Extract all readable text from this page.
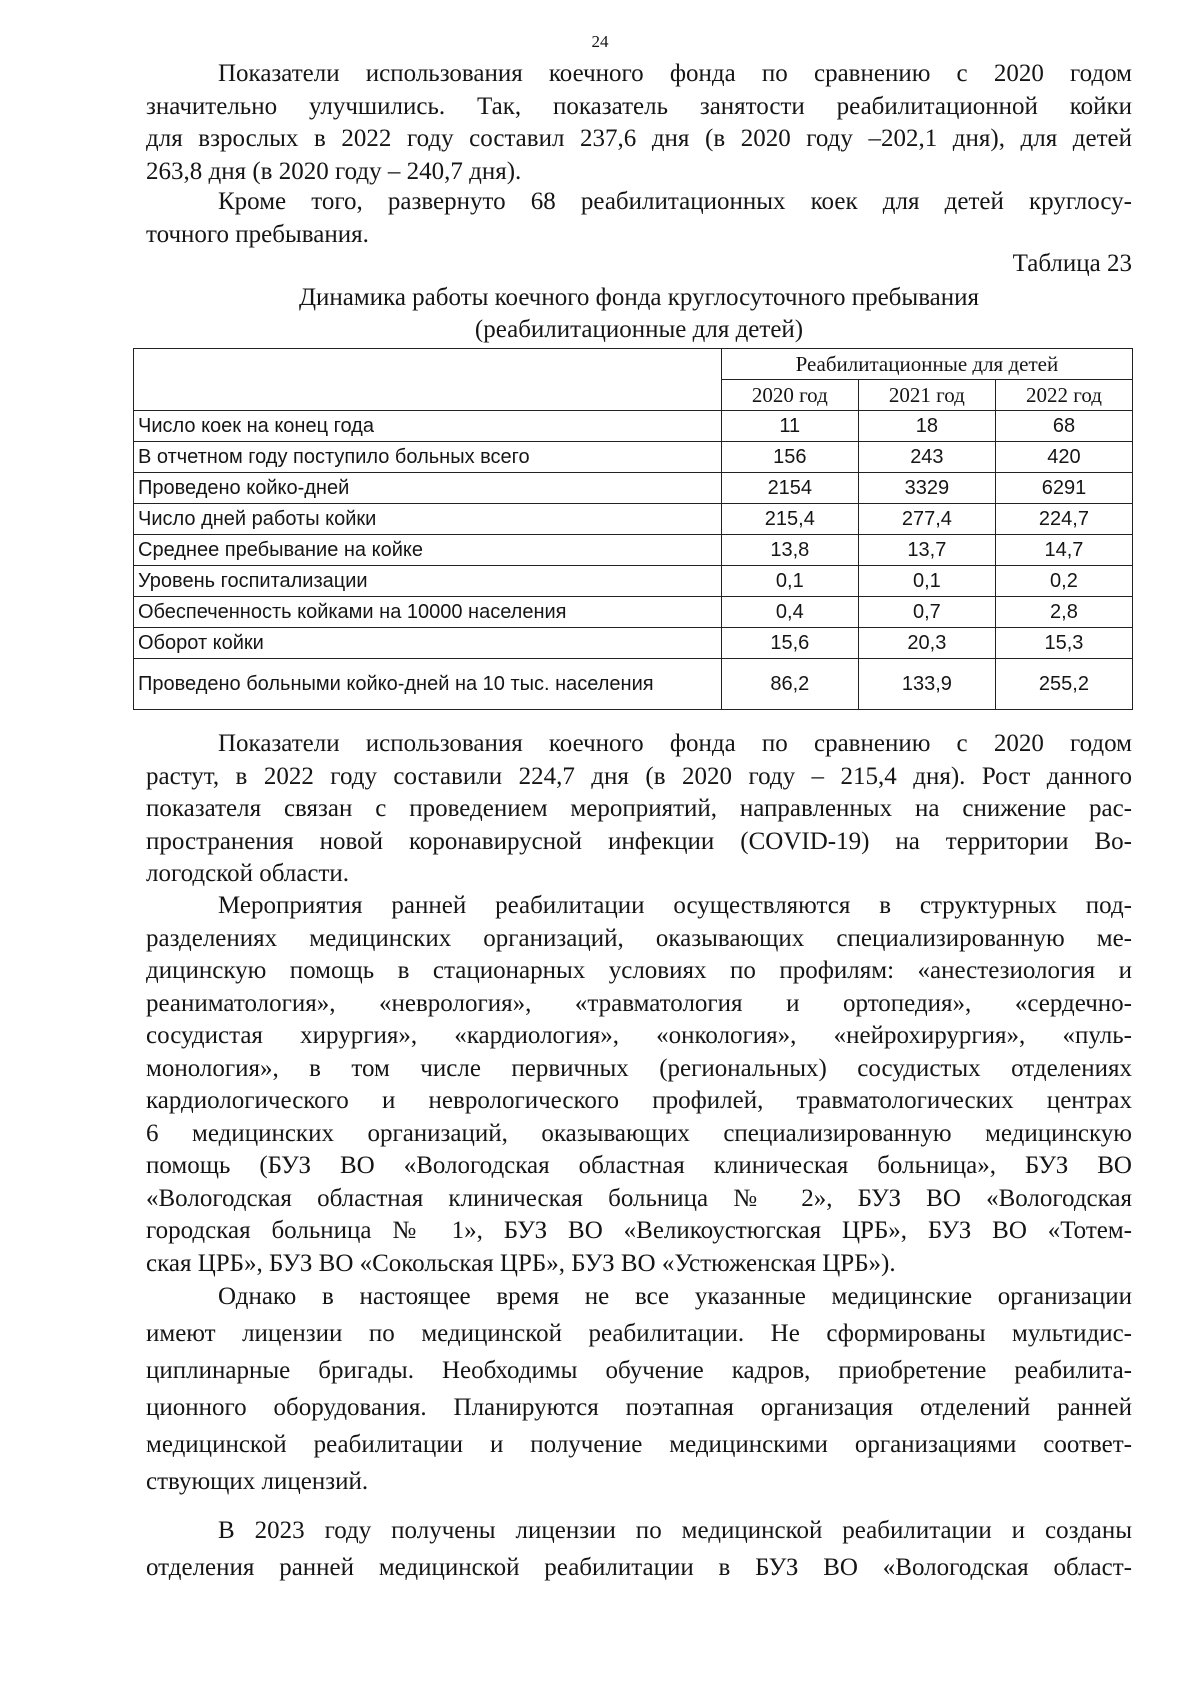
24
Показатели использования коечного фонда по сравнению с 2020 годом
значительно улучшились. Так, показатель занятости реабилитационной койки
для взрослых в 2022 году составил 237,6 дня (в 2020 году –202,1 дня), для детей
263,8 дня (в 2020 году – 240,7 дня).
Кроме того, развернуто 68 реабилитационных коек для детей круглосу-
точного пребывания.
Таблица 23
Динамика работы коечного фонда круглосуточного пребывания
(реабилитационные для детей)
	Реабилитационные для детей		
	2020 год	2021 год	2022 год
Число коек на конец года	11	18	68
В отчетном году поступило больных всего	156	243	420
Проведено койко-дней	2154	3329	6291
Число дней работы койки	215,4	277,4	224,7
Среднее пребывание на койке	13,8	13,7	14,7
Уровень госпитализации	0,1	0,1	0,2
Обеспеченность койками на 10000 населения	0,4	0,7	2,8
Оборот койки	15,6	20,3	15,3
Проведено больными койко-дней на 10 тыс. населения	86,2	133,9	255,2
Показатели использования коечного фонда по сравнению с 2020 годом
растут, в 2022 году составили 224,7 дня (в 2020 году – 215,4 дня). Рост данного
показателя связан с проведением мероприятий, направленных на снижение рас-
пространения новой коронавирусной инфекции (COVID-19) на территории Во-
логодской области.
Мероприятия ранней реабилитации осуществляются в структурных под-
разделениях медицинских организаций, оказывающих специализированную ме-
дицинскую помощь в стационарных условиях по профилям: «анестезиология и
реаниматология», «неврология», «травматология и ортопедия», «сердечно-
сосудистая хирургия», «кардиология», «онкология», «нейрохирургия», «пуль-
монология», в том числе первичных (региональных) сосудистых отделениях
кардиологического и неврологического профилей, травматологических центрах
6 медицинских организаций, оказывающих специализированную медицинскую
помощь (БУЗ ВО «Вологодская областная клиническая больница», БУЗ ВО
«Вологодская областная клиническая больница № 2», БУЗ ВО «Вологодская
городская больница № 1», БУЗ ВО «Великоустюгская ЦРБ», БУЗ ВО «Тотем-
ская ЦРБ», БУЗ ВО «Сокольская ЦРБ», БУЗ ВО «Устюженская ЦРБ»).
Однако в настоящее время не все указанные медицинские организации
имеют лицензии по медицинской реабилитации. Не сформированы мультидис-
циплинарные бригады. Необходимы обучение кадров, приобретение реабилита-
ционного оборудования. Планируются поэтапная организация отделений ранней
медицинской реабилитации и получение медицинскими организациями соответ-
ствующих лицензий.
В 2023 году получены лицензии по медицинской реабилитации и созданы
отделения ранней медицинской реабилитации в БУЗ ВО «Вологодская област-
